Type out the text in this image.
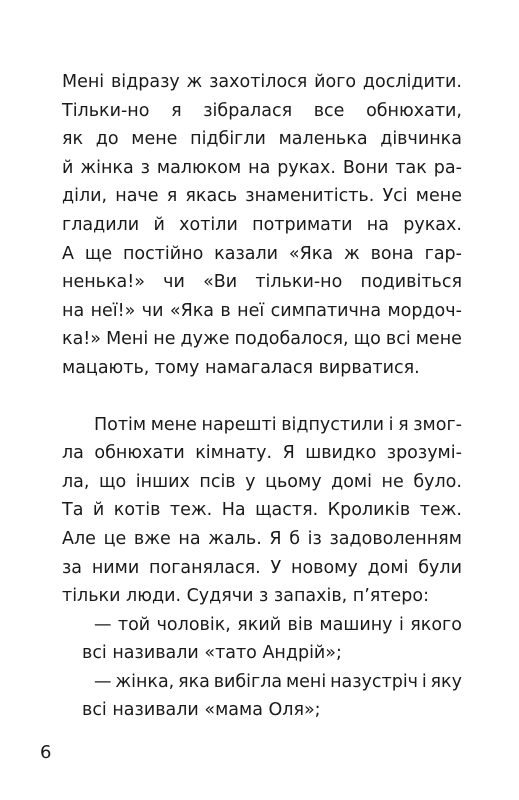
Мені відразу ж захотілося його дослідити.
Тільки-но я зібралася все обнюхати,
як до мене підбігли маленька дівчинка
й жінка з малюком на руках. Вони так ра-
діли, наче я якась знаменитість. Усі мене
гладили й хотіли потримати на руках.
А ще постійно казали «Яка ж вона гар-
ненька!» чи «Ви тільки-но подивіться
на неї!» чи «Яка в неї симпатична мордоч-
ка!» Мені не дуже подобалося, що всі мене
мацають, тому намагалася вирватися.

Потім мене нарешті відпустили і я змог-
ла обнюхати кімнату. Я швидко зрозумі-
ла, що інших псів у цьому домі не було.
Та й котів теж. На щастя. Кроликів теж.
Але це вже на жаль. Я б із задоволенням
за ними поганялася. У новому домі були
тільки люди. Судячи з запахів, п’ятеро:
— той чоловік, який вів машину і якого
всі називали «тато Андрій»;
— жінка, яка вибігла мені назустріч і яку
всі називали «мама Оля»;

6
